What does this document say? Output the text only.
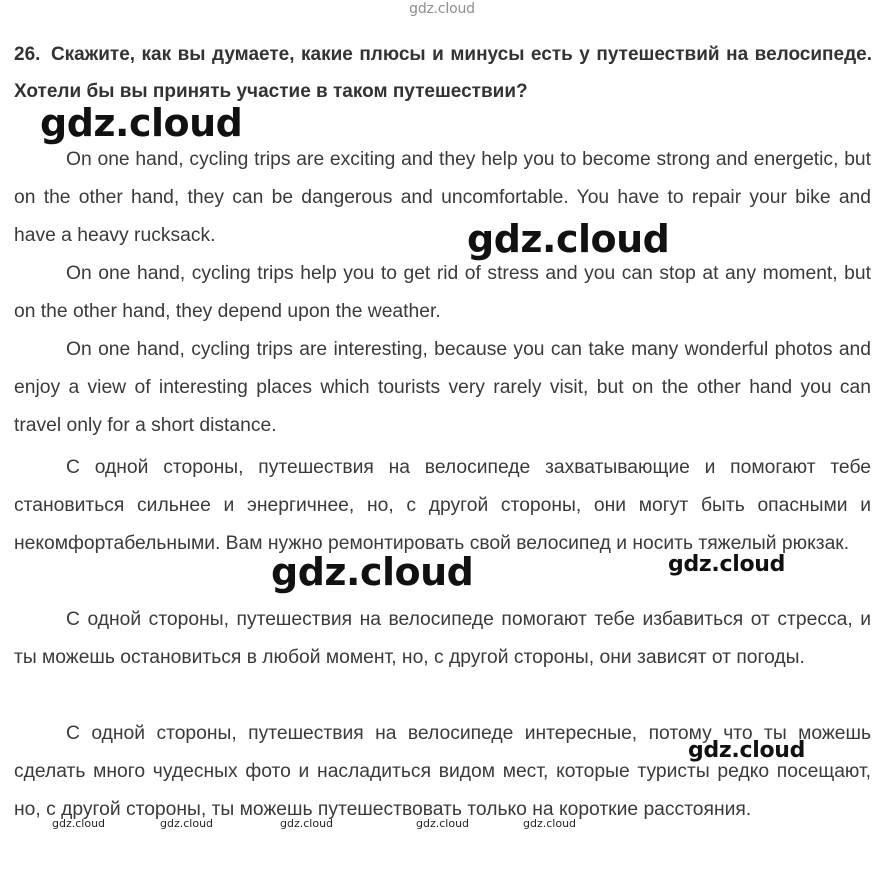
gdz.cloud
26. Скажите, как вы думаете, какие плюсы и минусы есть у путешествий на велосипеде. Хотели бы вы принять участие в таком путешествии?

On one hand, cycling trips are exciting and they help you to become strong and energetic, but on the other hand, they can be dangerous and uncomfortable. You have to repair your bike and have a heavy rucksack.

On one hand, cycling trips help you to get rid of stress and you can stop at any moment, but on the other hand, they depend upon the weather.

On one hand, cycling trips are interesting, because you can take many wonderful photos and enjoy a view of interesting places which tourists very rarely visit, but on the other hand you can travel only for a short distance.

С одной стороны, путешествия на велосипеде захватывающие и помогают тебе становиться сильнее и энергичнее, но, с другой стороны, они могут быть опасными и некомфортабельными. Вам нужно ремонтировать свой велосипед и носить тяжелый рюкзак.

С одной стороны, путешествия на велосипеде помогают тебе избавиться от стресса, и ты можешь остановиться в любой момент, но, с другой стороны, они зависят от погоды.

С одной стороны, путешествия на велосипеде интересные, потому что ты можешь сделать много чудесных фото и насладиться видом мест, которые туристы редко посещают, но, с другой стороны, ты можешь путешествовать только на короткие расстояния.

gdz.cloud
gdz.cloud
gdz.cloud	gdz.cloud
gdz.cloud
gdz.cloud	gdz.cloud	gdz.cloud	gdz.cloud	gdz.cloud
